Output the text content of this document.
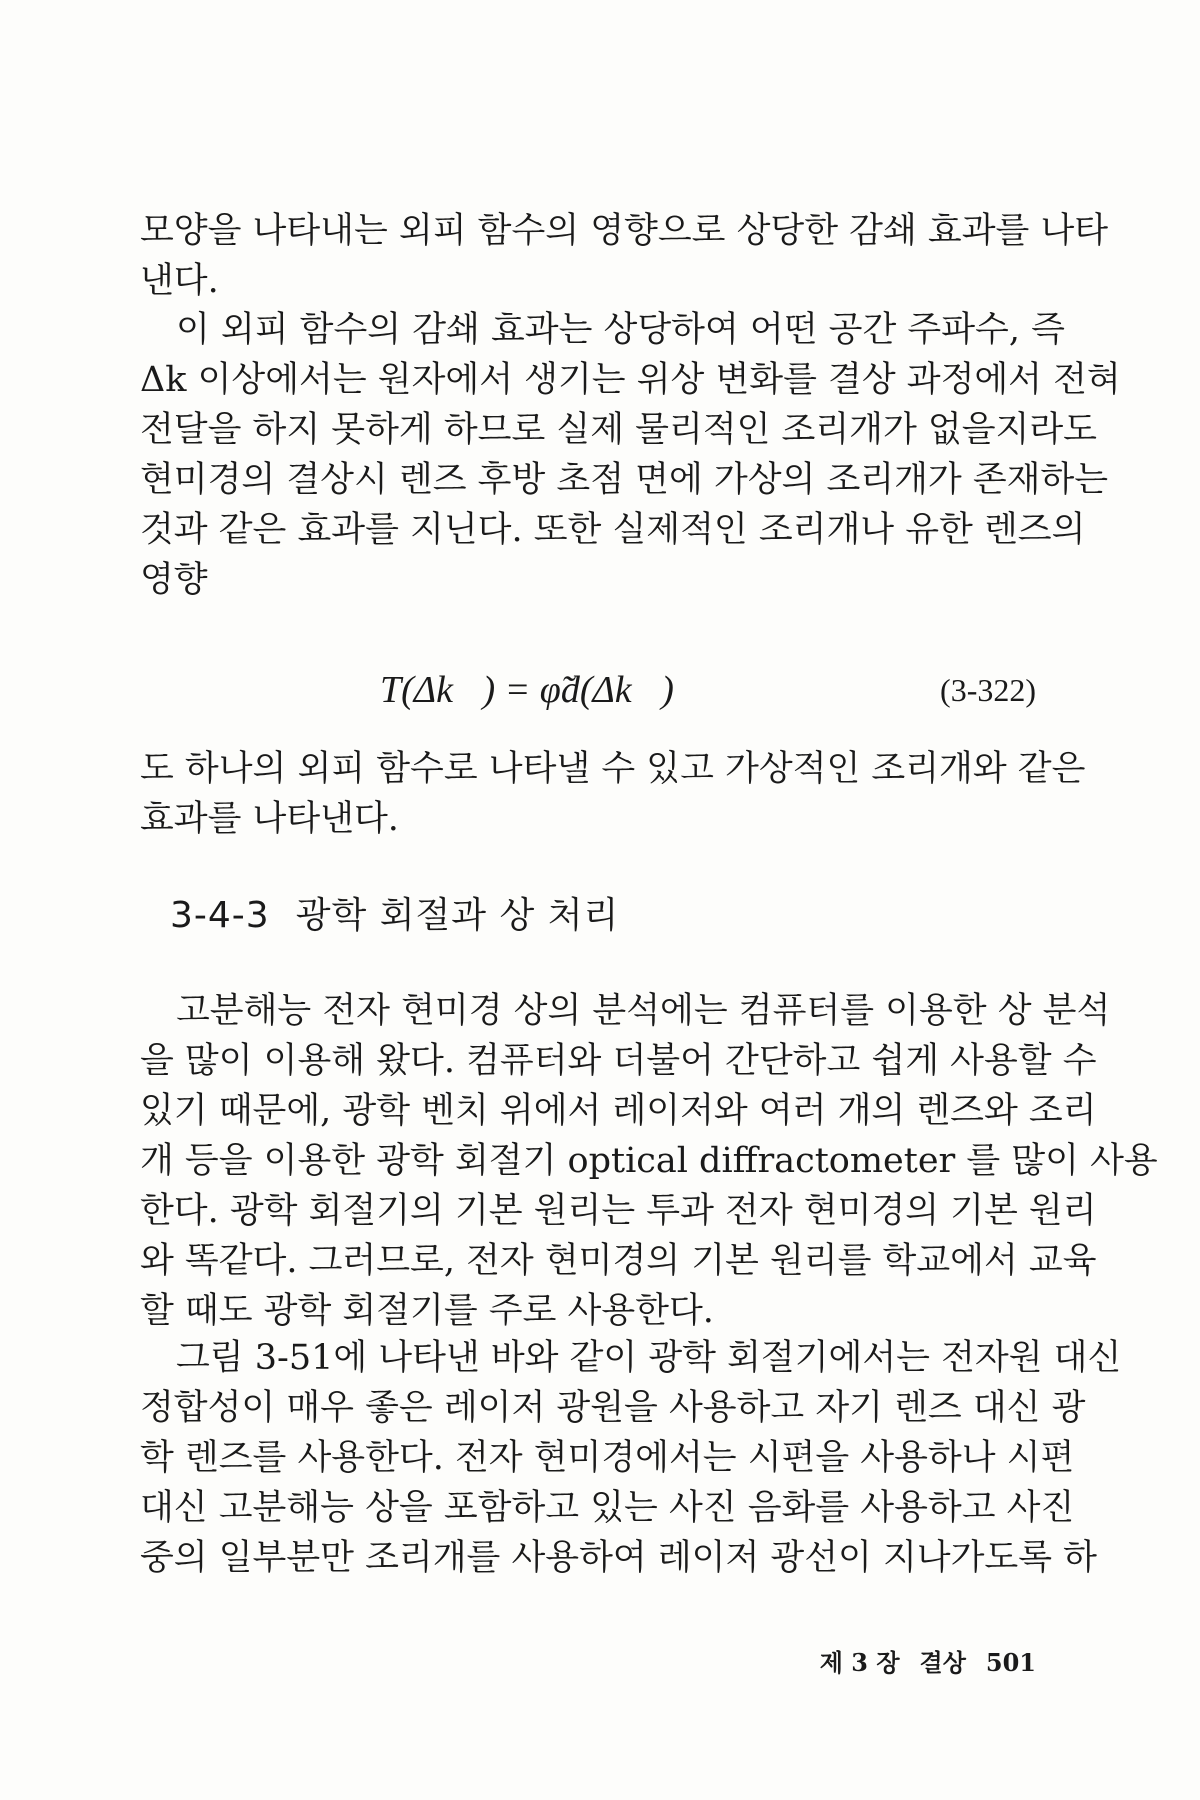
모양을 나타내는 외피 함수의 영향으로 상당한 감쇄 효과를 나타

낸다.

이 외피 함수의 감쇄 효과는 상당하여 어떤 공간 주파수, 즉

Δk 이상에서는 원자에서 생기는 위상 변화를 결상 과정에서 전혀

전달을 하지 못하게 하므로 실제 물리적인 조리개가 없을지라도

현미경의 결상시 렌즈 후방 초점 면에 가상의 조리개가 존재하는

것과 같은 효과를 지닌다. 또한 실제적인 조리개나 유한 렌즈의

영향

T(Δk⃗) = φ̃d(Δk⃗)	(3-322)

도 하나의 외피 함수로 나타낼 수 있고 가상적인 조리개와 같은

효과를 나타낸다.

3-4-3 광학 회절과 상 처리

고분해능 전자 현미경 상의 분석에는 컴퓨터를 이용한 상 분석

을 많이 이용해 왔다. 컴퓨터와 더불어 간단하고 쉽게 사용할 수

있기 때문에, 광학 벤치 위에서 레이저와 여러 개의 렌즈와 조리

개 등을 이용한 광학 회절기 optical diffractometer 를 많이 사용

한다. 광학 회절기의 기본 원리는 투과 전자 현미경의 기본 원리

와 똑같다. 그러므로, 전자 현미경의 기본 원리를 학교에서 교육

할 때도 광학 회절기를 주로 사용한다.

그림 3-51에 나타낸 바와 같이 광학 회절기에서는 전자원 대신

정합성이 매우 좋은 레이저 광원을 사용하고 자기 렌즈 대신 광

학 렌즈를 사용한다. 전자 현미경에서는 시편을 사용하나 시편

대신 고분해능 상을 포함하고 있는 사진 음화를 사용하고 사진

중의 일부분만 조리개를 사용하여 레이저 광선이 지나가도록 하

제 3 장 결상 501
